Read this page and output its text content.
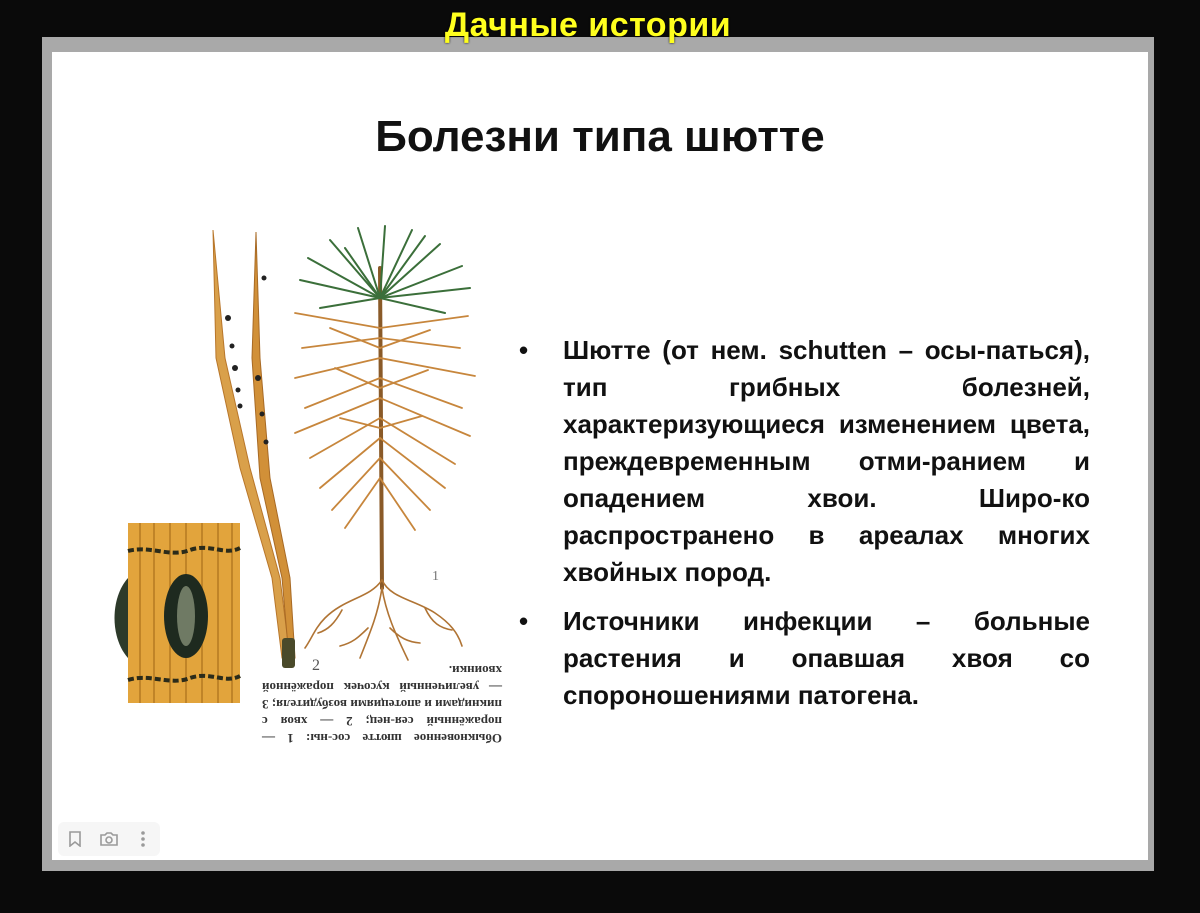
Дачные истории
Болезни типа шютте
2
1
Обыкновенное шютте сос-ны: 1 — поражённый сея-нец; 2 — хвоя с пикнидами и апотециями возбудителя; 3 — увеличенный кусочек поражённой хвоинки.
• Шютте (от нем. schutten – осы-паться), тип грибных болезней, характеризующиеся изменением цвета, преждевременным отми-ранием и опадением хвои. Широ-ко распространено в ареалах многих хвойных пород.
• Источники инфекции – больные растения и опавшая хвоя со спороношениями патогена.
